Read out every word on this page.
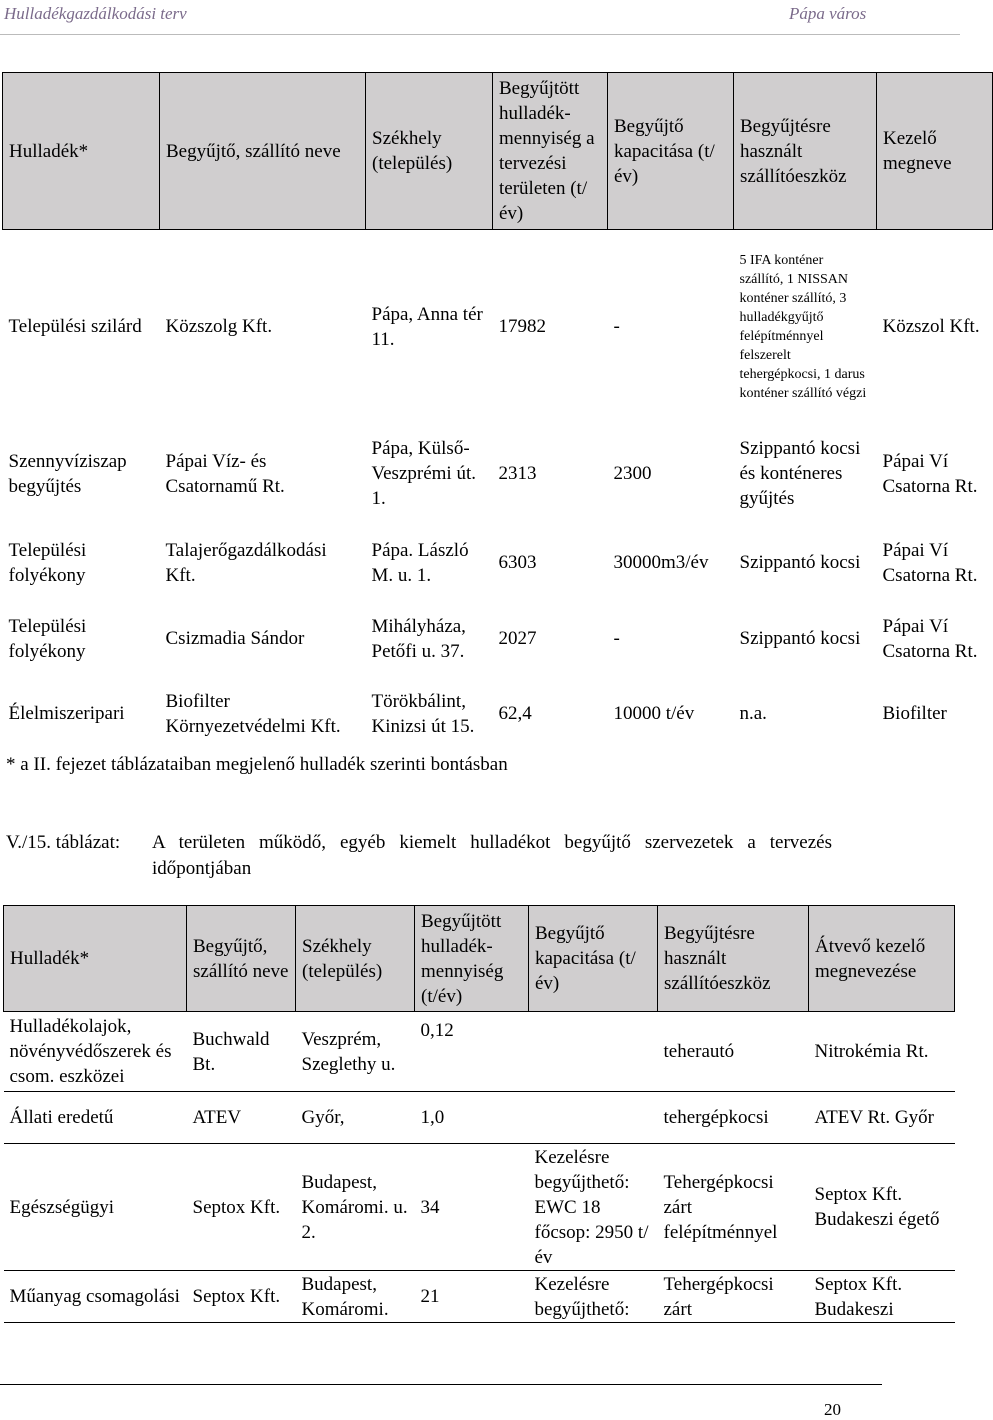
Hulladékgazdálkodási terv	Pápa város
Hulladék*	Begyűjtő, szállító neve	Székhely (település)	Begyűjtött hulladék-mennyiség a tervezési területen (t/év)	Begyűjtő kapacitása (t/év)	Begyűjtésre használt szállítóeszköz	Kezelő megneve
Települési szilárd	Közszolg Kft.	Pápa, Anna tér 11.	17982	-	5 IFA konténer szállító, 1 NISSAN konténer szállító, 3 hulladékgyűjtő felépítménnyel felszerelt tehergépkocsi, 1 darus konténer szállító végzi	Közszol Kft.
Szennyvíziszap begyűjtés	Pápai Víz- és Csatornamű Rt.	Pápa, Külső-Veszprémi út. 1.	2313	2300	Szippantó kocsi és konténeres gyűjtés	Pápai Ví Csatorna Rt.
Települési folyékony	Talajerőgazdálkodási Kft.	Pápa. László M. u. 1.	6303	30000m3/év	Szippantó kocsi	Pápai Ví Csatorna Rt.
Települési folyékony	Csizmadia Sándor	Mihályháza, Petőfi u. 37.	2027	-	Szippantó kocsi	Pápai Ví Csatorna Rt.
Élelmiszeripari	Biofilter Környezetvédelmi Kft.	Törökbálint, Kinizsi út 15.	62,4	10000 t/év	n.a.	Biofilter
* a II. fejezet táblázataiban megjelenő hulladék szerinti bontásban
V./15. táblázat: A területen működő, egyéb kiemelt hulladékot begyűjtő szervezetek a tervezés időpontjában
Hulladék*	Begyűjtő, szállító neve	Székhely (település)	Begyűjtött hulladék-mennyiség (t/év)	Begyűjtő kapacitása (t/év)	Begyűjtésre használt szállítóeszköz	Átvevő kezelő megnevezése
Hulladékolajok, növényvédőszerek és csom. eszközei	Buchwald Bt.	Veszprém, Szeglethy u.	0,12		teherautó	Nitrokémia Rt.
Állati eredetű	ATEV	Győr,	1,0		tehergépkocsi	ATEV Rt. Győr
Egészségügyi	Septox Kft.	Budapest, Komáromi. u. 2.	34	Kezelésre begyűjthető: EWC 18 főcsop: 2950 t/év	Tehergépkocsi zárt felépítménnyel	Septox Kft. Budakeszi égető
Műanyag csomagolási	Septox Kft.	Budapest, Komáromi.	21	Kezelésre begyűjthető:	Tehergépkocsi zárt	Septox Kft. Budakeszi
20
